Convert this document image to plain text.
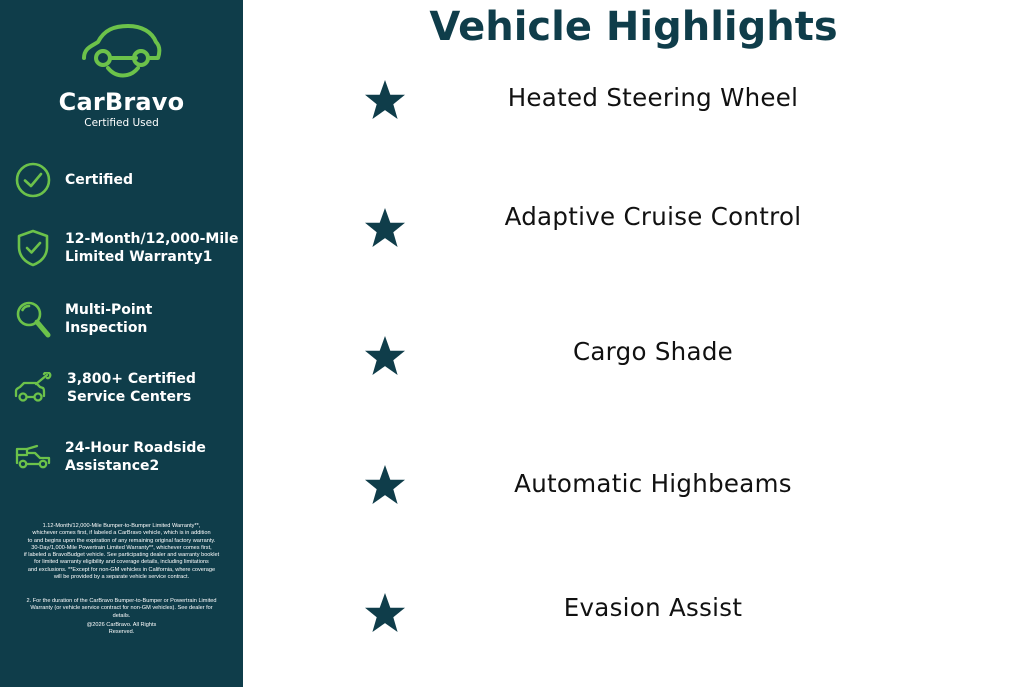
CarBravo
Certified Used
Certified
12-Month/12,000-Mile
Limited Warranty1
Multi-Point
Inspection
3,800+ Certified
Service Centers
24-Hour Roadside
Assistance2
1.12-Month/12,000-Mile Bumper-to-Bumper Limited Warranty**,
whichever comes first, if labeled a CarBravo vehicle, which is in addition
to and begins upon the expiration of any remaining original factory warranty.
30-Day/1,000-Mile Powertrain Limited Warranty**, whichever comes first,
if labeled a BravoBudget vehicle. See participating dealer and warranty booklet
for limited warranty eligibility and coverage details, including limitations
and exclusions. **Except for non-GM vehicles in California, where coverage
will be provided by a separate vehicle service contract.
2. For the duration of the CarBravo Bumper-to-Bumper or Powertrain Limited
Warranty (or vehicle service contract for non-GM vehicles). See dealer for
details.
@2026 CarBravo. All Rights
Reserved.
Vehicle Highlights
Heated Steering Wheel
Adaptive Cruise Control
Cargo Shade
Automatic Highbeams
Evasion Assist
